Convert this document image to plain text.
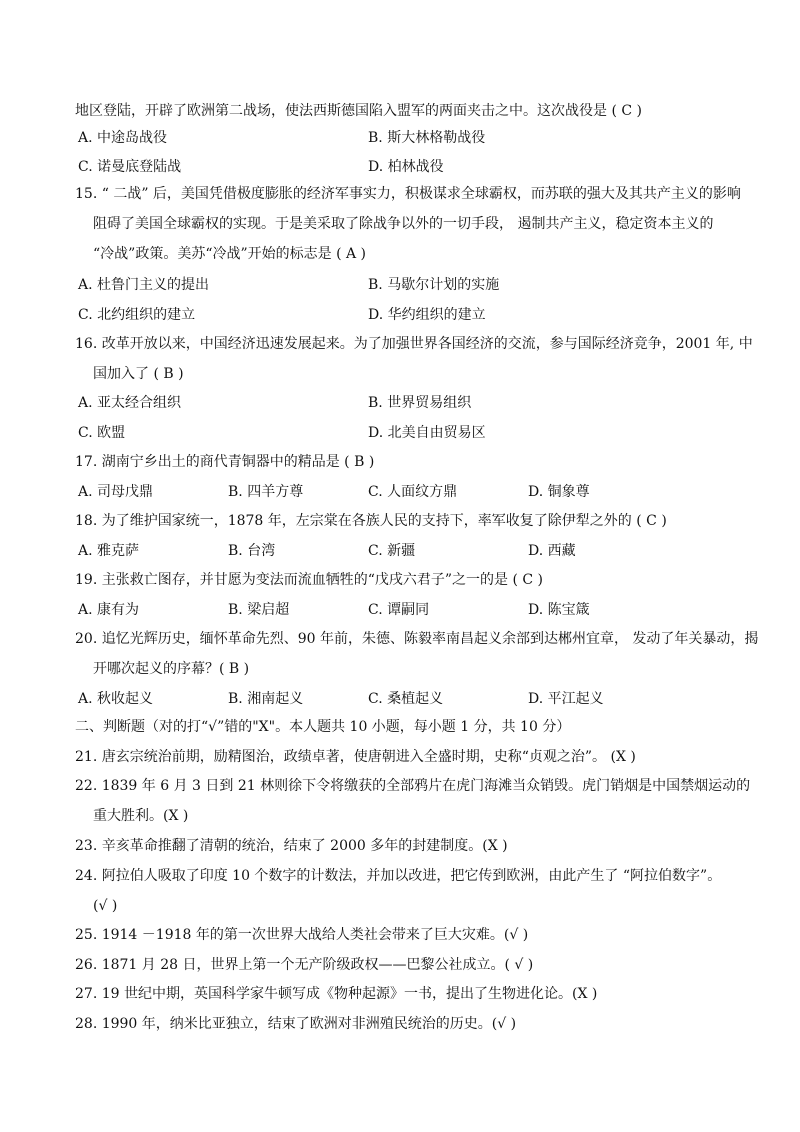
地区登陆，开辟了欧洲第二战场，使法西斯德国陷入盟军的两面夹击之中。这次战役是 ( C )
A. 中途岛战役	B. 斯大林格勒战役
C. 诺曼底登陆战	D. 柏林战役
15. “ 二战” 后，美国凭借极度膨胀的经济军事实力，积极谋求全球霸权，而苏联的强大及其共产主义的影响
阻碍了美国全球霸权的实现。于是美采取了除战争以外的一切手段， 遏制共产主义，稳定资本主义的
“冷战”政策。美苏“冷战”开始的标志是 ( A )
A. 杜鲁门主义的提出	B. 马歇尔计划的实施
C. 北约组织的建立	D. 华约组织的建立
16. 改革开放以来，中国经济迅速发展起来。为了加强世界各国经济的交流，参与国际经济竞争，2001 年, 中
国加入了 ( B )
A. 亚太经合组织	B. 世界贸易组织
C. 欧盟	D. 北美自由贸易区
17. 湖南宁乡出土的商代青铜器中的精品是 ( B )
A. 司母戊鼎	B. 四羊方尊	C. 人面纹方鼎	D. 铜象尊
18. 为了维护国家统一，1878 年，左宗棠在各族人民的支持下，率军收复了除伊犁之外的 ( C )
A. 雅克萨	B. 台湾	C. 新疆	D. 西藏
19. 主张救亡图存，并甘愿为变法而流血牺牲的“戊戌六君子”之一的是 ( C )
A. 康有为	B. 梁启超	C. 谭嗣同	D. 陈宝箴
20. 追忆光辉历史，缅怀革命先烈、90 年前，朱德、陈毅率南昌起义余部到达郴州宜章， 发动了年关暴动，揭
开哪次起义的序幕？( B )
A. 秋收起义	B. 湘南起义	C. 桑植起义	D. 平江起义
二、判断题（对的打“√”错的"X"。本人题共 10 小题，每小题 1 分，共 10 分）
21. 唐玄宗统治前期，励精图治，政绩卓著，使唐朝进入全盛时期，史称“贞观之治”。 (X )
22. 1839 年 6 月 3 日到 21 林则徐下令将缴获的全部鸦片在虎门海滩当众销毁。虎门销烟是中国禁烟运动的
重大胜利。(X )
23. 辛亥革命推翻了清朝的统治，结束了 2000 多年的封建制度。(X )
24. 阿拉伯人吸取了印度 10 个数字的计数法，并加以改进，把它传到欧洲，由此产生了 “阿拉伯数字”。
(√ )
25. 1914 －1918 年的第一次世界大战给人类社会带来了巨大灾难。(√ )
26. 1871 月 28 日，世界上第一个无产阶级政权——巴黎公社成立。( √ )
27. 19 世纪中期，英国科学家牛顿写成《物种起源》一书，提出了生物进化论。(X )
28. 1990 年，纳米比亚独立，结束了欧洲对非洲殖民统治的历史。(√ )
